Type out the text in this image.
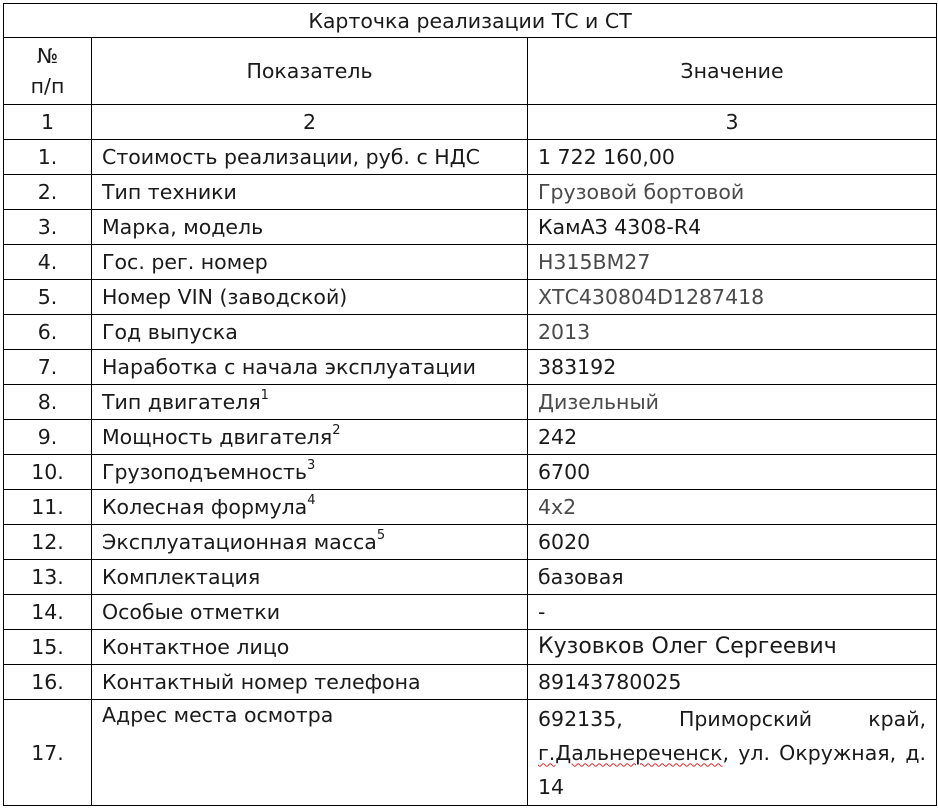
Карточка реализации ТС и СТ		
№
п/п	Показатель	Значение
1	2	3
1.	Стоимость реализации, руб. с НДС	1 722 160,00
2.	Тип техники	Грузовой бортовой
3.	Марка, модель	КамАЗ 4308-R4
4.	Гос. рег. номер	Н315ВМ27
5.	Номер VIN (заводской)	ХТС430804D1287418
6.	Год выпуска	2013
7.	Наработка с начала эксплуатации	383192
8.	Тип двигателя$^1$	Дизельный
9.	Мощность двигателя$^2$	242
10.	Грузоподъемность$^3$	6700
11.	Колесная формула$^4$	4х2
12.	Эксплуатационная масса$^5$	6020
13.	Комплектация	базовая
14.	Особые отметки	-
15.	Контактное лицо	Кузовков Олег Сергеевич
16.	Контактный номер телефона	89143780025
17.	Адрес места осмотра	692135, Приморский край,
г.Дальнереченск, ул. Окружная, д.
14
